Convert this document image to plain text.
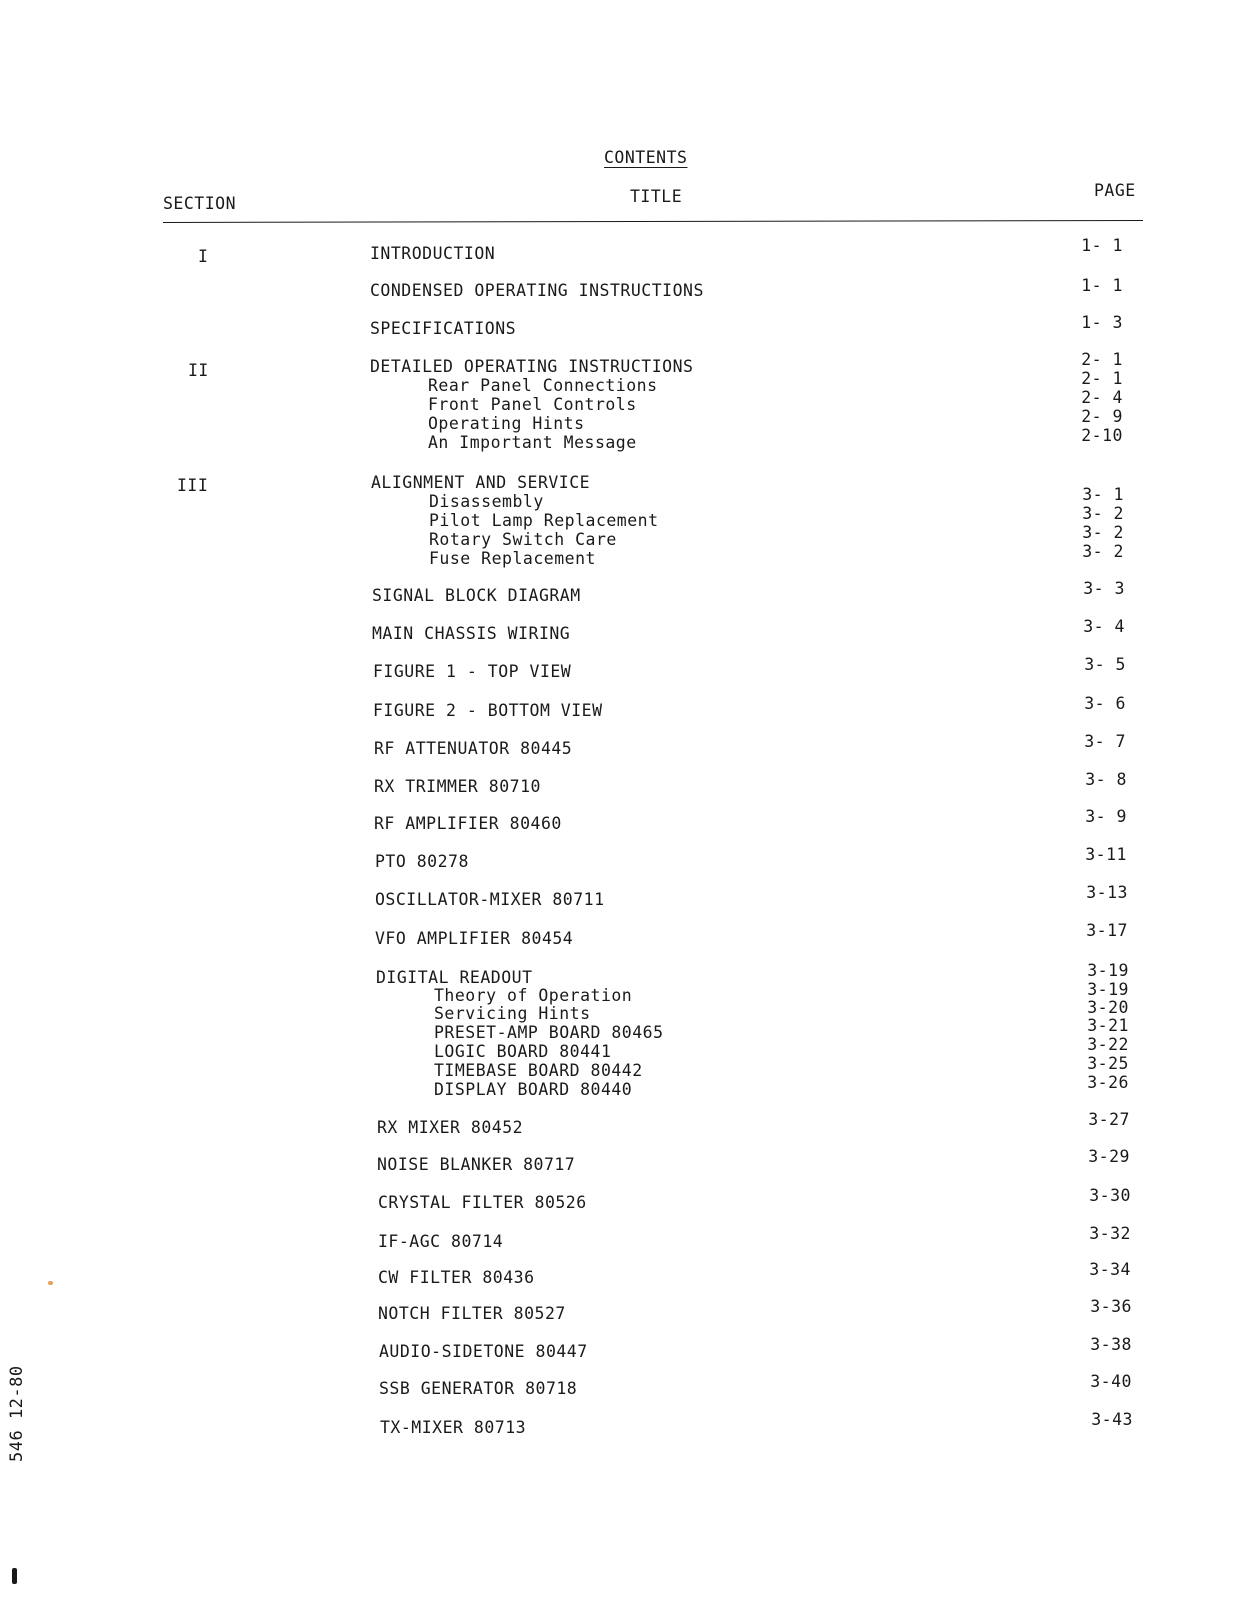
CONTENTS
SECTION	TITLE	PAGE
I
II
III
INTRODUCTION
CONDENSED OPERATING INSTRUCTIONS
SPECIFICATIONS
DETAILED OPERATING INSTRUCTIONS
Rear Panel Connections
Front Panel Controls
Operating Hints
An Important Message
ALIGNMENT AND SERVICE
Disassembly
Pilot Lamp Replacement
Rotary Switch Care
Fuse Replacement
SIGNAL BLOCK DIAGRAM
MAIN CHASSIS WIRING
FIGURE 1 - TOP VIEW
FIGURE 2 - BOTTOM VIEW
RF ATTENUATOR 80445
RX TRIMMER 80710
RF AMPLIFIER 80460
PTO 80278
OSCILLATOR-MIXER 80711
VFO AMPLIFIER 80454
DIGITAL READOUT
Theory of Operation
Servicing Hints
PRESET-AMP BOARD 80465
LOGIC BOARD 80441
TIMEBASE BOARD 80442
DISPLAY BOARD 80440
RX MIXER 80452
NOISE BLANKER 80717
CRYSTAL FILTER 80526
IF-AGC 80714
CW FILTER 80436
NOTCH FILTER 80527
AUDIO-SIDETONE 80447
SSB GENERATOR 80718
TX-MIXER 80713
1- 1
1- 1
1- 3
2- 1
2- 1
2- 4
2- 9
2-10
3- 1
3- 2
3- 2
3- 2
3- 3
3- 4
3- 5
3- 6
3- 7
3- 8
3- 9
3-11
3-13
3-17
3-19
3-19
3-20
3-21
3-22
3-25
3-26
3-27
3-29
3-30
3-32
3-34
3-36
3-38
3-40
3-43
546 12-80
